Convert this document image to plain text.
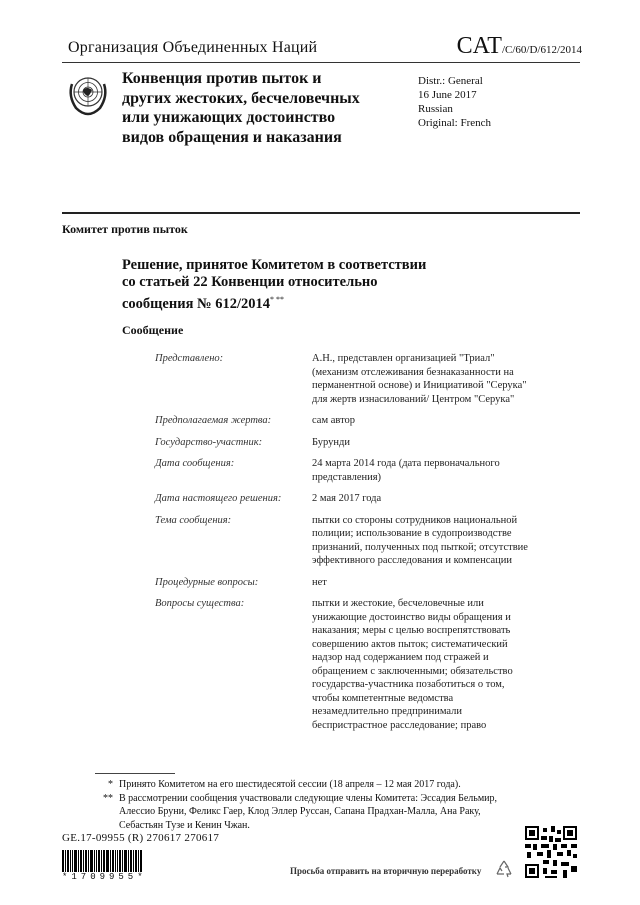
Организация Объединенных Наций	CAT/C/60/D/612/2014
Конвенция против пыток и
других жестоких, бесчеловечных
или унижающих достоинство
видов обращения и наказания
Distr.: General
16 June 2017
Russian
Original: French
Комитет против пыток
Решение, принятое Комитетом в соответствии
со статьей 22 Конвенции относительно
сообщения № 612/2014* **
Сообщение
Представлено:	А.Н., представлен организацией "Триал" (механизм отслеживания безнаказанности на перманентной основе) и Инициативой "Серука" для жертв изнасилований/ Центром "Серука"
Предполагаемая жертва:	сам автор
Государство-участник:	Бурунди
Дата сообщения:	24 марта 2014 года (дата первоначального представления)
Дата настоящего решения:	2 мая 2017 года
Тема сообщения:	пытки со стороны сотрудников национальной полиции; использование в судопроизводстве признаний, полученных под пыткой; отсутствие эффективного расследования и компенсации
Процедурные вопросы:	нет
Вопросы существа:	пытки и жестокие, бесчеловечные или унижающие достоинство виды обращения и наказания; меры с целью воспрепятствовать совершению актов пыток; систематический надзор над содержанием под стражей и обращением с заключенными; обязательство государства-участника позаботиться о том, чтобы компетентные ведомства незамедлительно предпринимали беспристрастное расследование; право
* Принято Комитетом на его шестидесятой сессии (18 апреля – 12 мая 2017 года).
** В рассмотрении сообщения участвовали следующие члены Комитета: Эссадия Бельмир, Алессио Бруни, Феликс Гаер, Клод Эллер Руссан, Сапана Прадхан-Малла, Ана Раку, Себастьян Тузе и Кенин Чжан.
GE.17-09955 (R) 270617 270617
*1709955*
Просьба отправить на вторичную переработку
